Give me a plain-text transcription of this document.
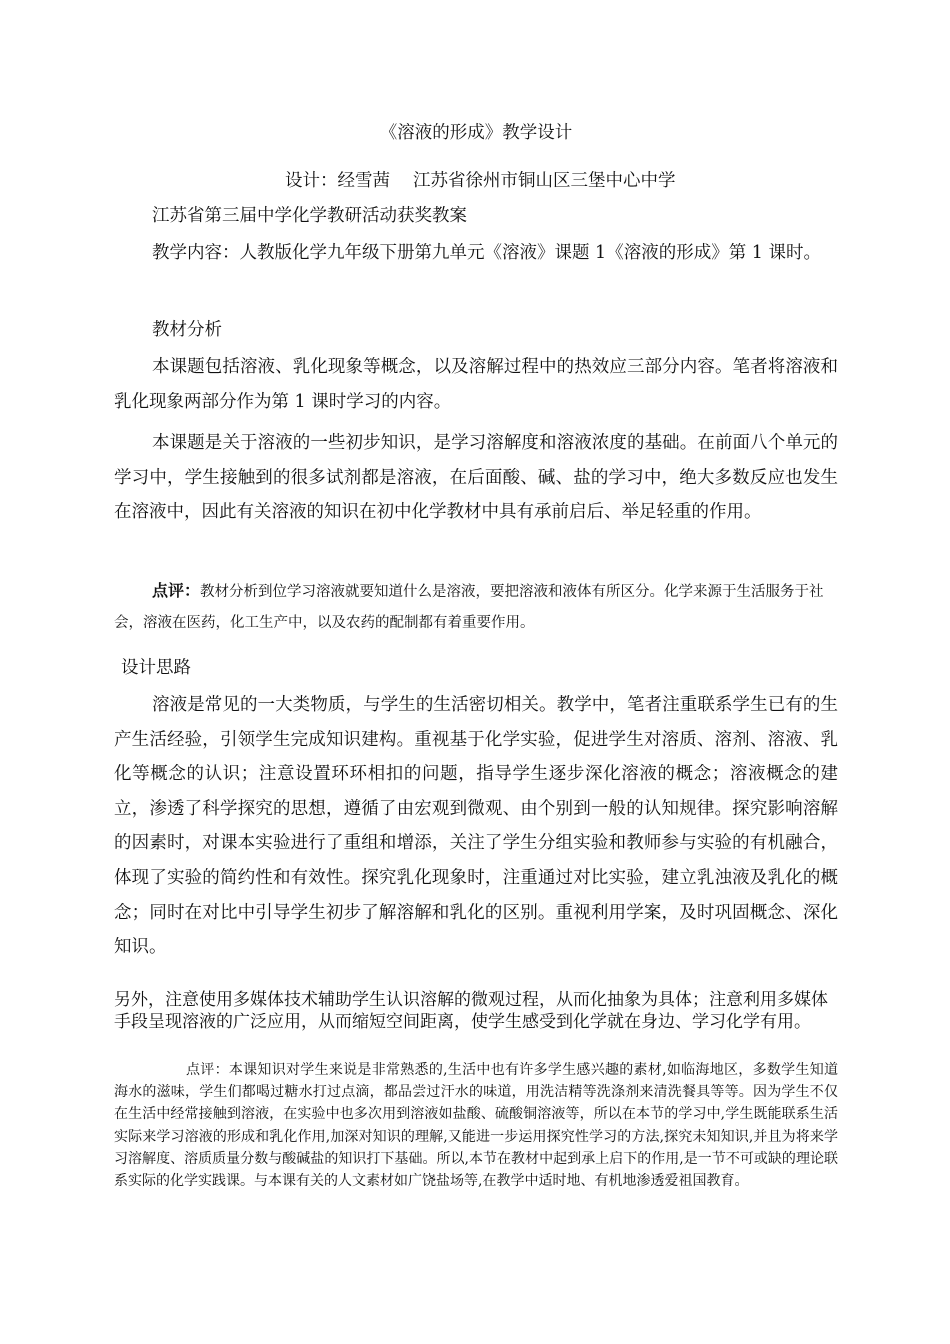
《溶液的形成》教学设计

设计：经雪茜　 江苏省徐州市铜山区三堡中心中学

江苏省第三届中学化学教研活动获奖教案

教学内容：人教版化学九年级下册第九单元《溶液》课题 1《溶液的形成》第 1 课时。

教材分析

本课题包括溶液、乳化现象等概念，以及溶解过程中的热效应三部分内容。笔者将溶液和乳化现象两部分作为第 1 课时学习的内容。

本课题是关于溶液的一些初步知识，是学习溶解度和溶液浓度的基础。在前面八个单元的学习中，学生接触到的很多试剂都是溶液，在后面酸、碱、盐的学习中，绝大多数反应也发生在溶液中，因此有关溶液的知识在初中化学教材中具有承前启后、举足轻重的作用。

点评：教材分析到位学习溶液就要知道什么是溶液，要把溶液和液体有所区分。化学来源于生活服务于社会，溶液在医药，化工生产中，以及农药的配制都有着重要作用。

设计思路

溶液是常见的一大类物质，与学生的生活密切相关。教学中，笔者注重联系学生已有的生产生活经验，引领学生完成知识建构。重视基于化学实验，促进学生对溶质、溶剂、溶液、乳化等概念的认识；注意设置环环相扣的问题，指导学生逐步深化溶液的概念；溶液概念的建立，渗透了科学探究的思想，遵循了由宏观到微观、由个别到一般的认知规律。探究影响溶解的因素时，对课本实验进行了重组和增添，关注了学生分组实验和教师参与实验的有机融合，体现了实验的简约性和有效性。探究乳化现象时，注重通过对比实验，建立乳浊液及乳化的概念；同时在对比中引导学生初步了解溶解和乳化的区别。重视利用学案，及时巩固概念、深化知识。

另外，注意使用多媒体技术辅助学生认识溶解的微观过程，从而化抽象为具体；注意利用多媒体手段呈现溶液的广泛应用，从而缩短空间距离，使学生感受到化学就在身边、学习化学有用。

点评：本课知识对学生来说是非常熟悉的,生活中也有许多学生感兴趣的素材,如临海地区，多数学生知道海水的滋味，学生们都喝过糖水打过点滴，都品尝过汗水的味道，用洗洁精等洗涤剂来清洗餐具等等。因为学生不仅在生活中经常接触到溶液，在实验中也多次用到溶液如盐酸、硫酸铜溶液等，所以在本节的学习中,学生既能联系生活实际来学习溶液的形成和乳化作用,加深对知识的理解,又能进一步运用探究性学习的方法,探究未知知识,并且为将来学习溶解度、溶质质量分数与酸碱盐的知识打下基础。所以,本节在教材中起到承上启下的作用,是一节不可或缺的理论联系实际的化学实践课。与本课有关的人文素材如广饶盐场等,在教学中适时地、有机地渗透爱祖国教育。
